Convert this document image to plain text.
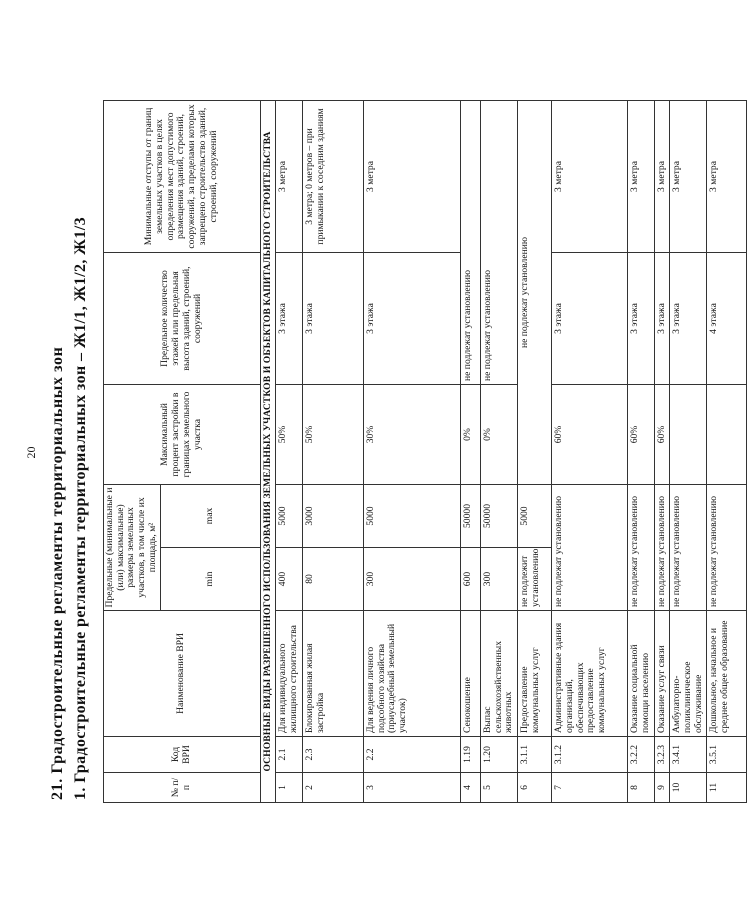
20 21. Градостроительные регламенты территориальных зон 1. Градостроительные регламенты территориальных зон – Ж1/1, Ж1/2, Ж1/3	№ п/п	Код ВРИ	Наименование ВРИ	Предельные (минимальные и (или) максимальные) размеры земельных участков, в том числе их площадь, м²		Максимальный процент застройки в границах земельного участка	Предельное количество этажей или предельная высота зданий, строений, сооружений	Минимальные отступы от границ земельных участков в целях определения мест допустимого размещения зданий, строений, сооружений, за пределами которых запрещено строительство зданий, строений, сооружений
			min	max			
ОСНОВНЫЕ ВИДЫ РАЗРЕШЕННОГО ИСПОЛЬЗОВАНИЯ ЗЕМЕЛЬНЫХ УЧАСТКОВ И ОБЪЕКТОВ КАПИТАЛЬНОГО СТРОИТЕЛЬСТВА							
1	2.1	Для индивидуального жилищного строительства	400	5000	50%	3 этажа	3 метра
2	2.3	Блокированная жилая застройка	80	3000	50%	3 этажа	3 метра; 0 метров – при примыкании к соседним зданиям
3	2.2	Для ведения личного подсобного хозяйства (приусадебный земельный участок)	300	5000	30%	3 этажа	3 метра
4	1.19	Сенокошение	600	50000	0%	не подлежат установлению	
5	1.20	Выпас сельскохозяйственных животных	300	50000	0%	не подлежат установлению	
6	3.1.1	Предоставление коммунальных услуг	не подлежит установлению	5000	не подлежат установлению		
7	3.1.2	Административные здания организаций, обеспечивающих предоставление коммунальных услуг	не подлежат установлению		60%	3 этажа	3 метра
8	3.2.2	Оказание социальной помощи населению	не подлежат установлению		60%	3 этажа	3 метра
9	3.2.3	Оказание услуг связи	не подлежат установлению		60%	3 этажа	3 метра
10	3.4.1	Амбулаторно-поликлиническое обслуживание	не подлежат установлению			3 этажа	3 метра
11	3.5.1	Дошкольное, начальное и среднее общее образование	не подлежат установлению			4 этажа	3 метра
